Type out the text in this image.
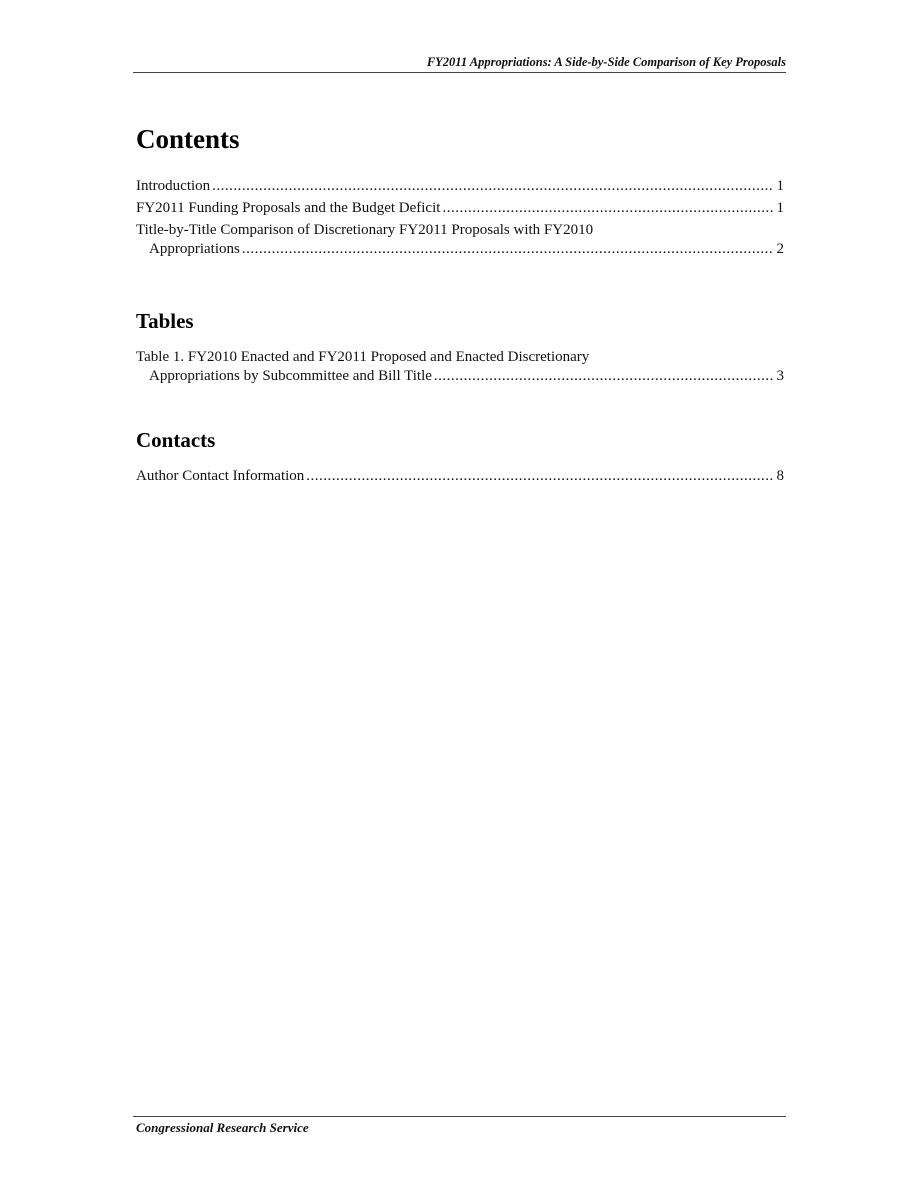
FY2011 Appropriations: A Side-by-Side Comparison of Key Proposals
Contents
Introduction .....	1
FY2011 Funding Proposals and the Budget Deficit .....	1
Title-by-Title Comparison of Discretionary FY2011 Proposals with FY2010
Appropriations .....	2
Tables
Table 1. FY2010 Enacted and FY2011 Proposed and Enacted Discretionary
Appropriations by Subcommittee and Bill Title .....	3
Contacts
Author Contact Information .....	8
Congressional Research Service
